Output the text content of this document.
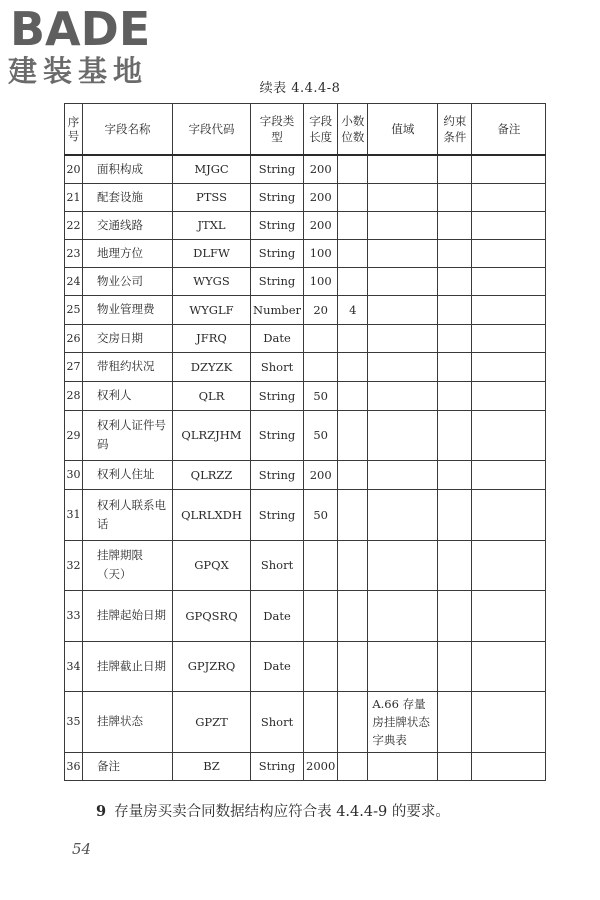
BADE
建装基地
续表 4.4.4-8
序号	字段名称	字段代码	字段类型	字段长度	小数位数	值域	约束条件	备注
20	面积构成	MJGC	String	200				
21	配套设施	PTSS	String	200				
22	交通线路	JTXL	String	200				
23	地理方位	DLFW	String	100				
24	物业公司	WYGS	String	100				
25	物业管理费	WYGLF	Number	20	4			
26	交房日期	JFRQ	Date					
27	带租约状况	DZYZK	Short					
28	权利人	QLR	String	50				
29	权利人证件号码	QLRZJHM	String	50				
30	权利人住址	QLRZZ	String	200				
31	权利人联系电话	QLRLXDH	String	50				
32	挂牌期限（天）	GPQX	Short					
33	挂牌起始日期	GPQSRQ	Date					
34	挂牌截止日期	GPJZRQ	Date					
35	挂牌状态	GPZT	Short			A.66 存量房挂牌状态字典表		
36	备注	BZ	String	2000				
9 存量房买卖合同数据结构应符合表 4.4.4-9 的要求。
54
